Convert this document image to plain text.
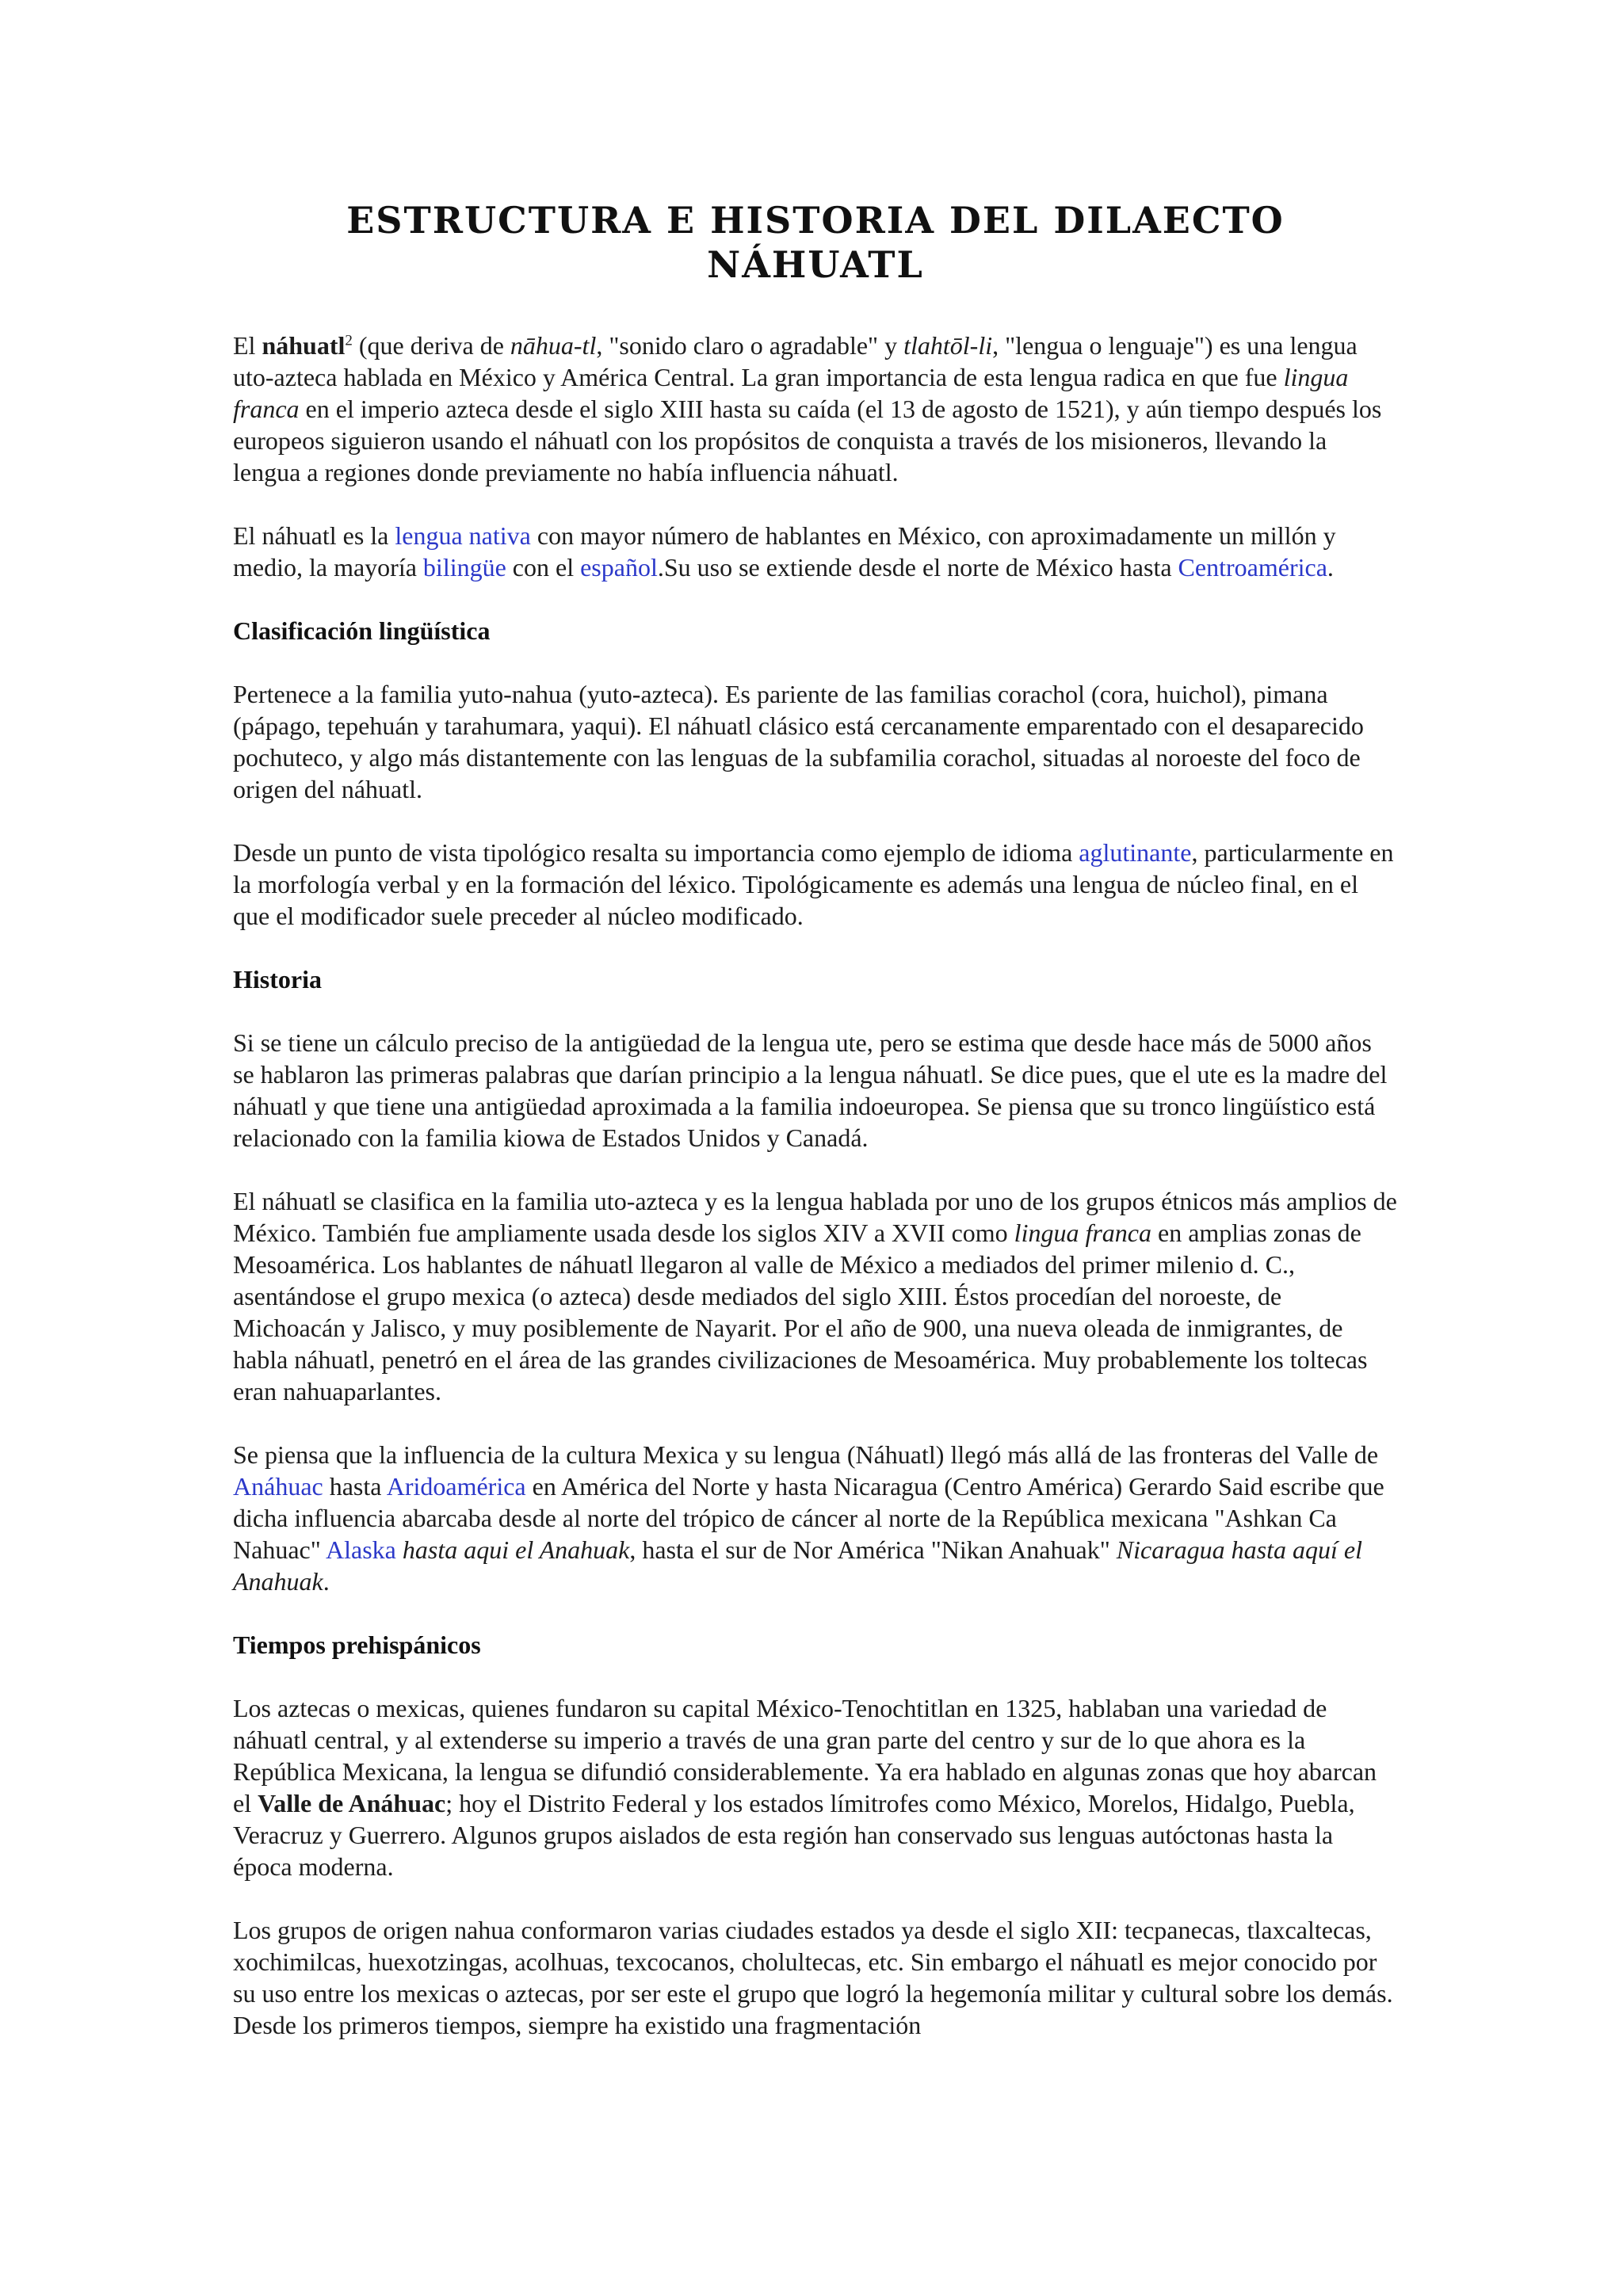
ESTRUCTURA E HISTORIA DEL DILAECTO NÁHUATL

El náhuatl$^2$ (que deriva de nāhua-tl, "sonido claro o agradable" y tlahtōl-li, "lengua o lenguaje") es una lengua uto-azteca hablada en México y América Central. La gran importancia de esta lengua radica en que fue lingua franca en el imperio azteca desde el siglo XIII hasta su caída (el 13 de agosto de 1521), y aún tiempo después los europeos siguieron usando el náhuatl con los propósitos de conquista a través de los misioneros, llevando la lengua a regiones donde previamente no había influencia náhuatl.

El náhuatl es la lengua nativa con mayor número de hablantes en México, con aproximadamente un millón y medio, la mayoría bilingüe con el español.Su uso se extiende desde el norte de México hasta Centroamérica.

Clasificación lingüística

Pertenece a la familia yuto-nahua (yuto-azteca). Es pariente de las familias corachol (cora, huichol), pimana (pápago, tepehuán y tarahumara, yaqui). El náhuatl clásico está cercanamente emparentado con el desaparecido pochuteco, y algo más distantemente con las lenguas de la subfamilia corachol, situadas al noroeste del foco de origen del náhuatl.

Desde un punto de vista tipológico resalta su importancia como ejemplo de idioma aglutinante, particularmente en la morfología verbal y en la formación del léxico. Tipológicamente es además una lengua de núcleo final, en el que el modificador suele preceder al núcleo modificado.

Historia

Si se tiene un cálculo preciso de la antigüedad de la lengua ute, pero se estima que desde hace más de 5000 años se hablaron las primeras palabras que darían principio a la lengua náhuatl. Se dice pues, que el ute es la madre del náhuatl y que tiene una antigüedad aproximada a la familia indoeuropea. Se piensa que su tronco lingüístico está relacionado con la familia kiowa de Estados Unidos y Canadá.

El náhuatl se clasifica en la familia uto-azteca y es la lengua hablada por uno de los grupos étnicos más amplios de México. También fue ampliamente usada desde los siglos XIV a XVII como lingua franca en amplias zonas de Mesoamérica. Los hablantes de náhuatl llegaron al valle de México a mediados del primer milenio d. C., asentándose el grupo mexica (o azteca) desde mediados del siglo XIII. Éstos procedían del noroeste, de Michoacán y Jalisco, y muy posiblemente de Nayarit. Por el año de 900, una nueva oleada de inmigrantes, de habla náhuatl, penetró en el área de las grandes civilizaciones de Mesoamérica. Muy probablemente los toltecas eran nahuaparlantes.

Se piensa que la influencia de la cultura Mexica y su lengua (Náhuatl) llegó más allá de las fronteras del Valle de Anáhuac hasta Aridoamérica en América del Norte y hasta Nicaragua (Centro América) Gerardo Said escribe que dicha influencia abarcaba desde al norte del trópico de cáncer al norte de la República mexicana "Ashkan Ca Nahuac" Alaska hasta aqui el Anahuak, hasta el sur de Nor América "Nikan Anahuak" Nicaragua hasta aquí el Anahuak.

Tiempos prehispánicos

Los aztecas o mexicas, quienes fundaron su capital México-Tenochtitlan en 1325, hablaban una variedad de náhuatl central, y al extenderse su imperio a través de una gran parte del centro y sur de lo que ahora es la República Mexicana, la lengua se difundió considerablemente. Ya era hablado en algunas zonas que hoy abarcan el Valle de Anáhuac; hoy el Distrito Federal y los estados límitrofes como México, Morelos, Hidalgo, Puebla, Veracruz y Guerrero. Algunos grupos aislados de esta región han conservado sus lenguas autóctonas hasta la época moderna.

Los grupos de origen nahua conformaron varias ciudades estados ya desde el siglo XII: tecpanecas, tlaxcaltecas, xochimilcas, huexotzingas, acolhuas, texcocanos, cholultecas, etc. Sin embargo el náhuatl es mejor conocido por su uso entre los mexicas o aztecas, por ser este el grupo que logró la hegemonía militar y cultural sobre los demás. Desde los primeros tiempos, siempre ha existido una fragmentación
